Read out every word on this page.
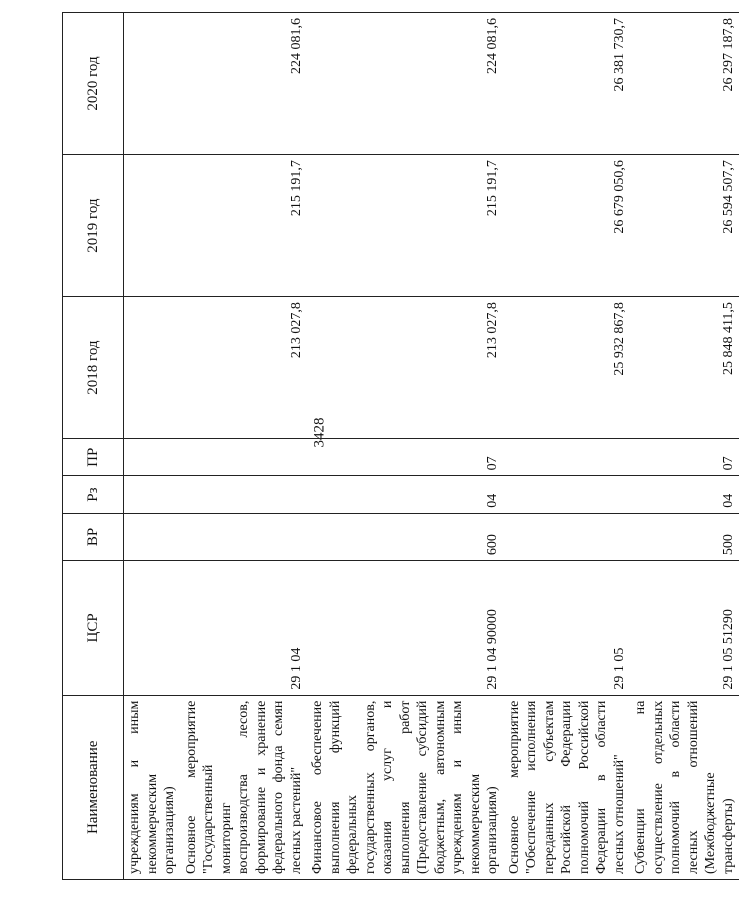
3428
Наименование	ЦСР	ВР	Рз	ПР	2018 год	2019 год	2020 год
учреждениям и иным некоммерческим организациям)							
Основное мероприятие "Государственный мониторинг воспроизводства лесов, формирование и хранение федерального фонда семян лесных растений"	29 1 04				213 027,8	215 191,7	224 081,6
Финансовое обеспечение выполнения функций федеральных государственных органов, оказания услуг и выполнения работ (Предоставление субсидий бюджетным, автономным учреждениям и иным некоммерческим организациям)	29 1 04 90000	600	04	07	213 027,8	215 191,7	224 081,6
Основное мероприятие "Обеспечение исполнения переданных субъектам Российской Федерации полномочий Российской Федерации в области лесных отношений"	29 1 05				25 932 867,8	26 679 050,6	26 381 730,7
Субвенции на осуществление отдельных полномочий в области лесных отношений (Межбюджетные трансферты)	29 1 05 51290	500	04	07	25 848 411,5	26 594 507,7	26 297 187,8
